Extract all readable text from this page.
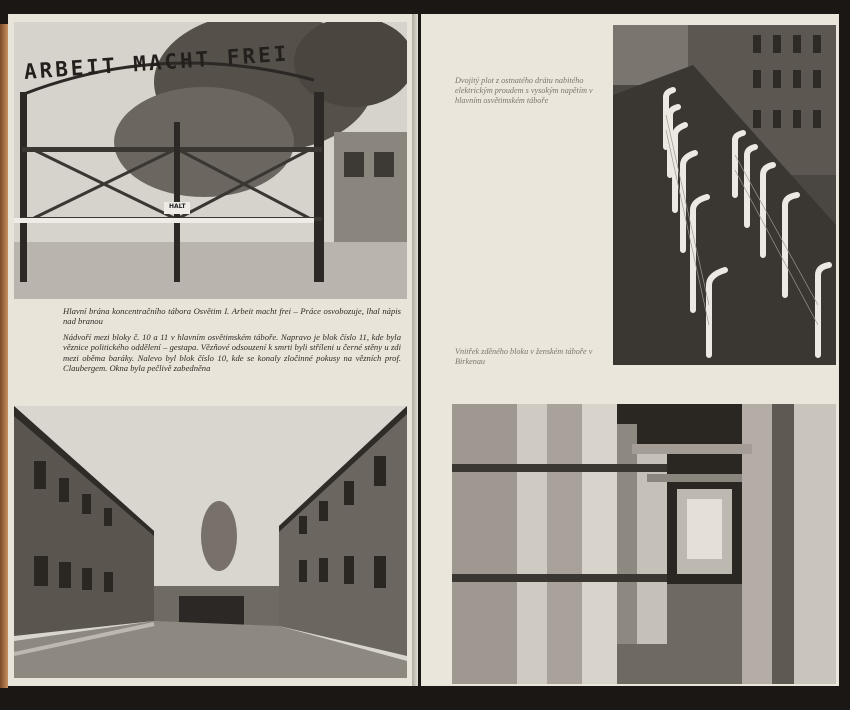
ARBEIT MACHT FREI
HALT

Hlavní brána koncentračního tábora Osvětim I. Arbeit macht frei – Práce osvobozuje, lhal nápis nad branou

Nádvoří mezi bloky č. 10 a 11 v hlavním osvětimském táboře. Napravo je blok číslo 11, kde byla věznice politického oddělení – gestapa. Vězňové odsouzení k smrti byli stříleni u černé stěny u zdi mezi oběma baráky. Nalevo byl blok číslo 10, kde se konaly zločinné pokusy na vězních prof. Claubergem. Okna byla pečlivě zabedněna

Dvojitý plot z ostnatého drátu nabitého elektrickým proudem s vysokým napětím v hlavním osvětimském táboře

Vnitřek zděného bloku v ženském táboře v Birkenau
